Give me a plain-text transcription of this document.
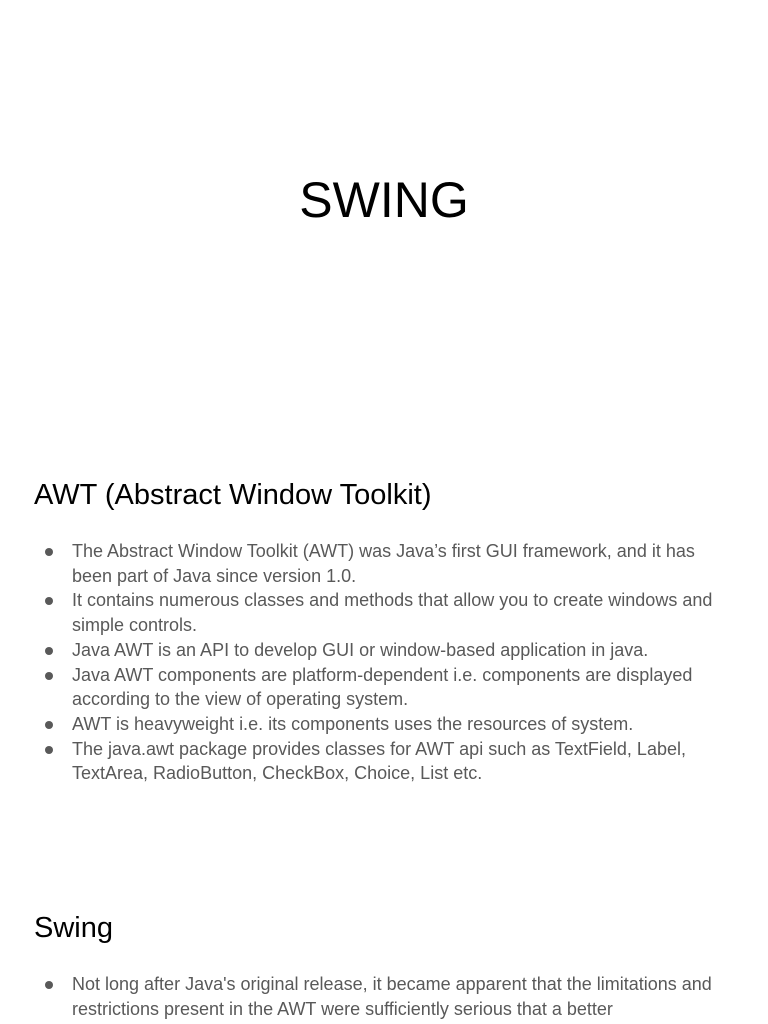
SWING
AWT (Abstract Window Toolkit)
The Abstract Window Toolkit (AWT) was Java’s first GUI framework, and it has been part of Java since version 1.0.
It contains numerous classes and methods that allow you to create windows and simple controls.
Java AWT is an API to develop GUI or window-based application in java.
Java AWT components are platform-dependent i.e. components are displayed according to the view of operating system.
AWT is heavyweight i.e. its components uses the resources of system.
The java.awt package provides classes for AWT api such as TextField, Label, TextArea, RadioButton, CheckBox, Choice, List etc.
Swing
Not long after Java's original release, it became apparent that the limitations and restrictions present in the AWT were sufficiently serious that a better
